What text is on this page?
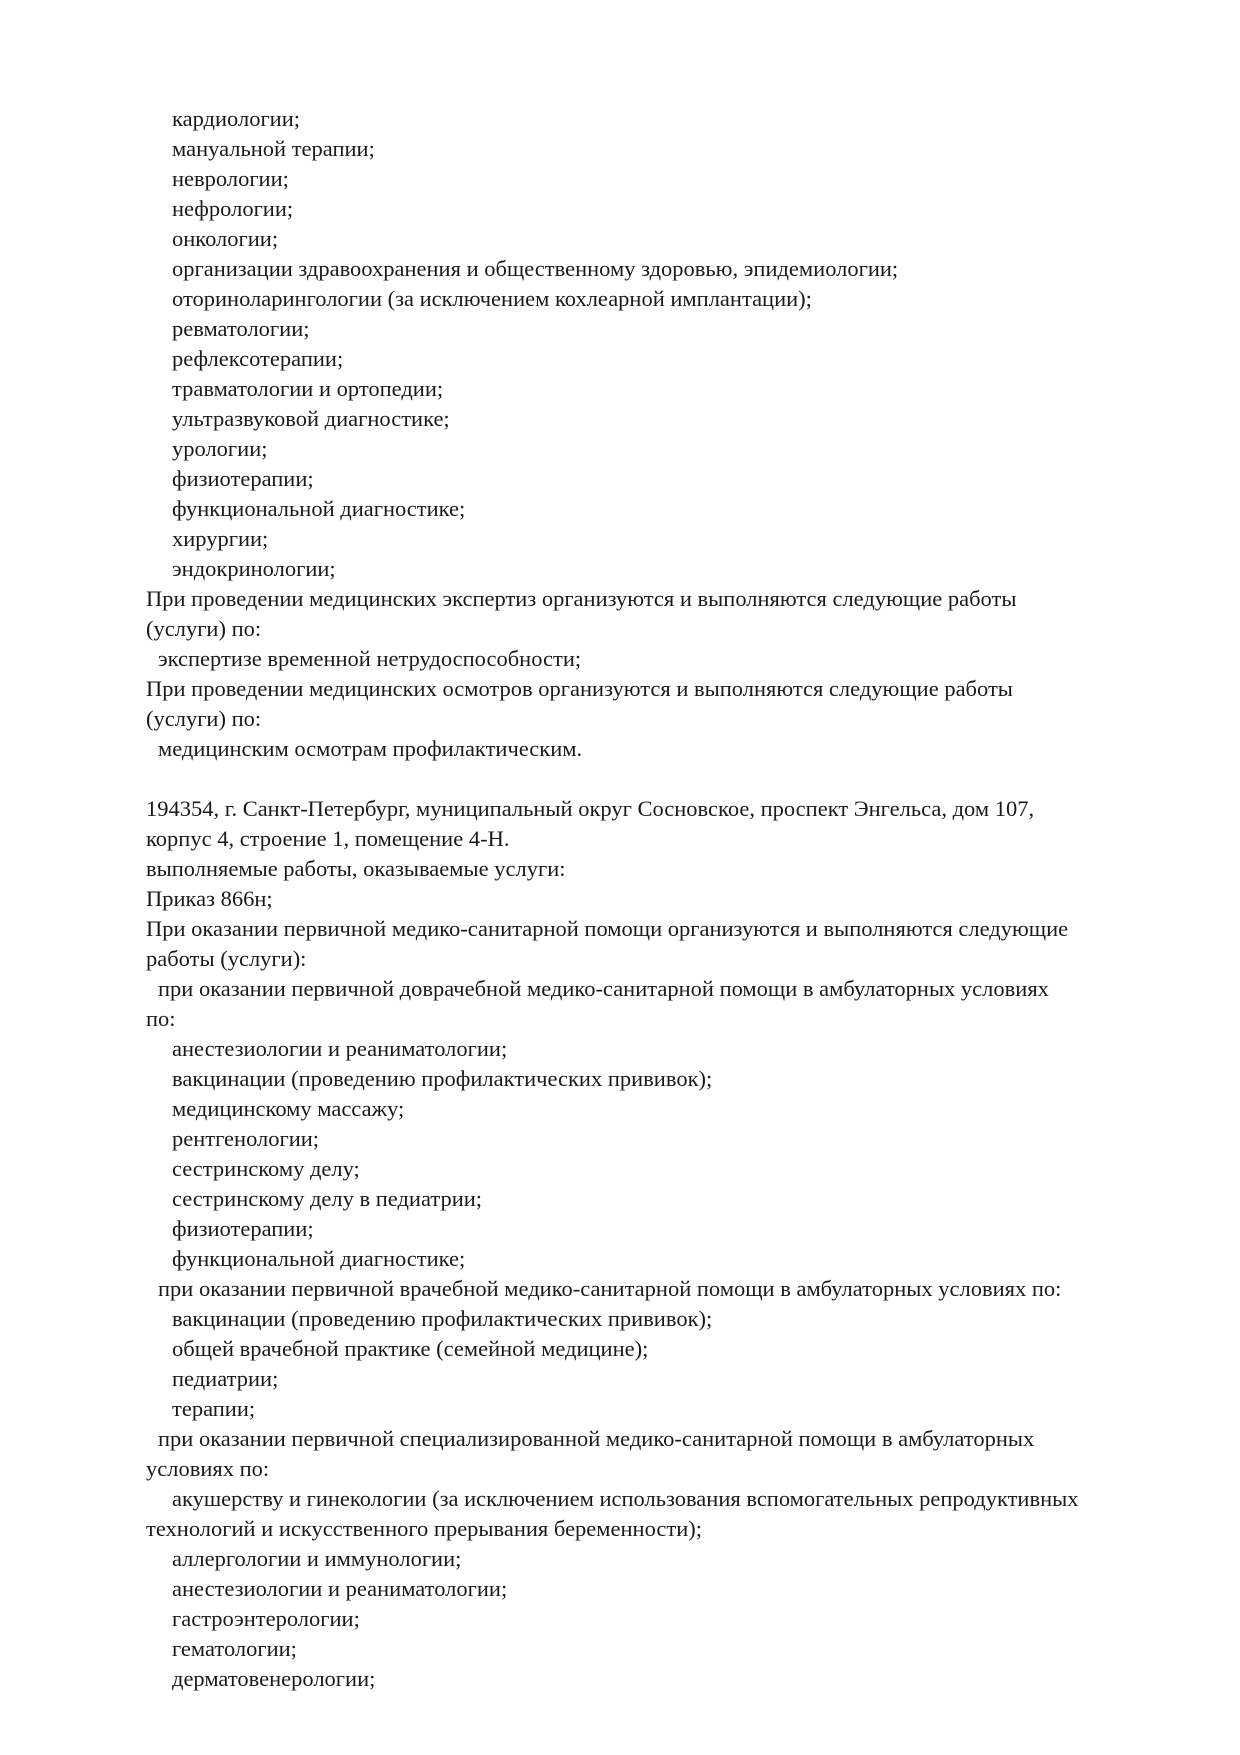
кардиологии;
мануальной терапии;
неврологии;
нефрологии;
онкологии;
организации здравоохранения и общественному здоровью, эпидемиологии;
оториноларингологии (за исключением кохлеарной имплантации);
ревматологии;
рефлексотерапии;
травматологии и ортопедии;
ультразвуковой диагностике;
урологии;
физиотерапии;
функциональной диагностике;
хирургии;
эндокринологии;
При проведении медицинских экспертиз организуются и выполняются следующие работы
(услуги) по:
экспертизе временной нетрудоспособности;
При проведении медицинских осмотров организуются и выполняются следующие работы
(услуги) по:
медицинским осмотрам профилактическим.
194354, г. Санкт-Петербург, муниципальный округ Сосновское, проспект Энгельса, дом 107,
корпус 4, строение 1, помещение 4-Н.
выполняемые работы, оказываемые услуги:
Приказ 866н;
При оказании первичной медико-санитарной помощи организуются и выполняются следующие
работы (услуги):
при оказании первичной доврачебной медико-санитарной помощи в амбулаторных условиях
по:
анестезиологии и реаниматологии;
вакцинации (проведению профилактических прививок);
медицинскому массажу;
рентгенологии;
сестринскому делу;
сестринскому делу в педиатрии;
физиотерапии;
функциональной диагностике;
при оказании первичной врачебной медико-санитарной помощи в амбулаторных условиях по:
вакцинации (проведению профилактических прививок);
общей врачебной практике (семейной медицине);
педиатрии;
терапии;
при оказании первичной специализированной медико-санитарной помощи в амбулаторных
условиях по:
акушерству и гинекологии (за исключением использования вспомогательных репродуктивных
технологий и искусственного прерывания беременности);
аллергологии и иммунологии;
анестезиологии и реаниматологии;
гастроэнтерологии;
гематологии;
дерматовенерологии;
